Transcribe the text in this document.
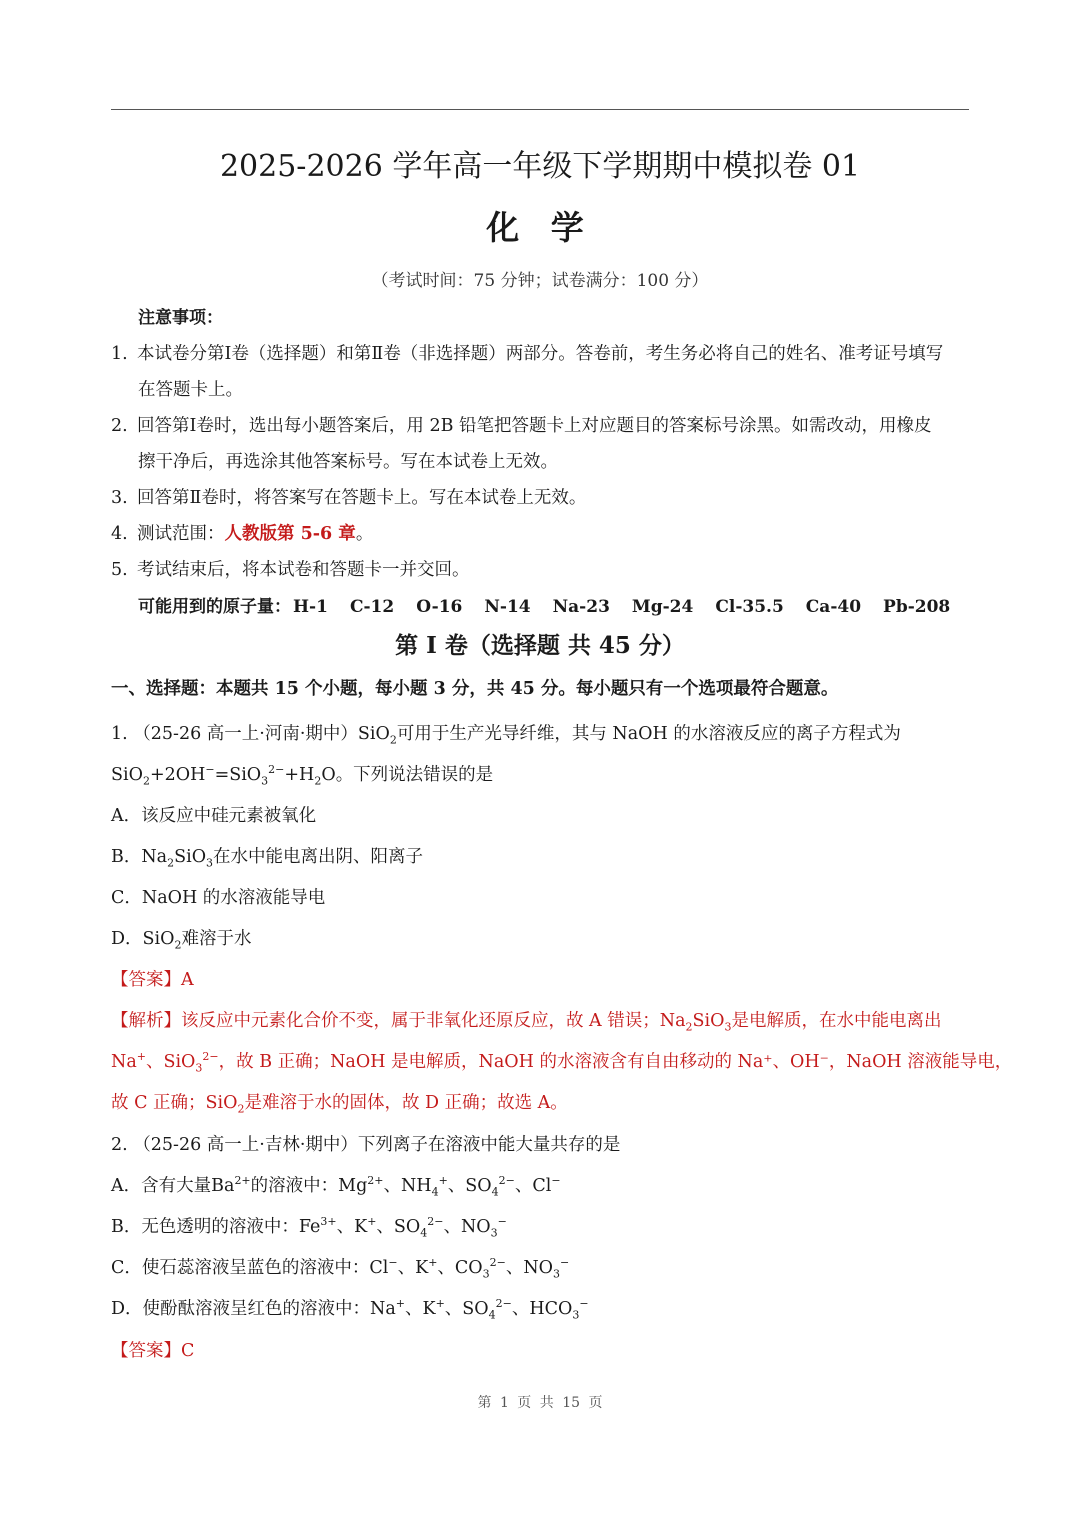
2025-2026 学年高一年级下学期期中模拟卷 01
化 学
（考试时间：75 分钟；试卷满分：100 分）
注意事项：
1. 本试卷分第Ⅰ卷（选择题）和第Ⅱ卷（非选择题）两部分。答卷前，考生务必将自己的姓名、准考证号填写
在答题卡上。
2. 回答第Ⅰ卷时，选出每小题答案后，用 2B 铅笔把答题卡上对应题目的答案标号涂黑。如需改动，用橡皮
擦干净后，再选涂其他答案标号。写在本试卷上无效。
3. 回答第Ⅱ卷时，将答案写在答题卡上。写在本试卷上无效。
4. 测试范围：人教版第 5-6 章。
5. 考试结束后，将本试卷和答题卡一并交回。
可能用到的原子量： H-1 C-12 O-16 N-14 Na-23 Mg-24 Cl-35.5 Ca-40 Pb-208
第 I 卷（选择题 共 45 分）
一、选择题：本题共 15 个小题，每小题 3 分，共 45 分。每小题只有一个选项最符合题意。
1. （25-26 高一上·河南·期中）SiO$_2$可用于生产光导纤维，其与 NaOH 的水溶液反应的离子方程式为
$SiO_2+2OH^-=SiO_3^{2-}+H_2O$。下列说法错误的是
A．该反应中硅元素被氧化
B．$Na_2SiO_3$在水中能电离出阴、阳离子
C．NaOH 的水溶液能导电
D．SiO$_2$难溶于水
【答案】A
【解析】该反应中元素化合价不变，属于非氧化还原反应，故 A 错误；$Na_2SiO_3$是电解质，在水中能电离出
Na+、SiO$_3^{2-}$，故 B 正确；NaOH 是电解质，NaOH 的水溶液含有自由移动的 Na⁺、OH⁻，NaOH 溶液能导电，
故 C 正确；SiO$_2$是难溶于水的固体，故 D 正确；故选 A。
2. （25-26 高一上·吉林·期中）下列离子在溶液中能大量共存的是
A．含有大量$Ba^{2+}$的溶液中：$Mg^{2+}$、$NH_4^+$、$SO_4^{2-}$、Cl−
B．无色透明的溶液中：$Fe^{3+}$、K+、$SO_4^{2-}$、$NO_3^-$
C．使石蕊溶液呈蓝色的溶液中：Cl−、K+、$CO_3^{2-}$、$NO_3^-$
D．使酚酞溶液呈红色的溶液中：Na+、K+、$SO_4^{2-}$、$HCO_3^-$
【答案】C
第 1 页 共 15 页
